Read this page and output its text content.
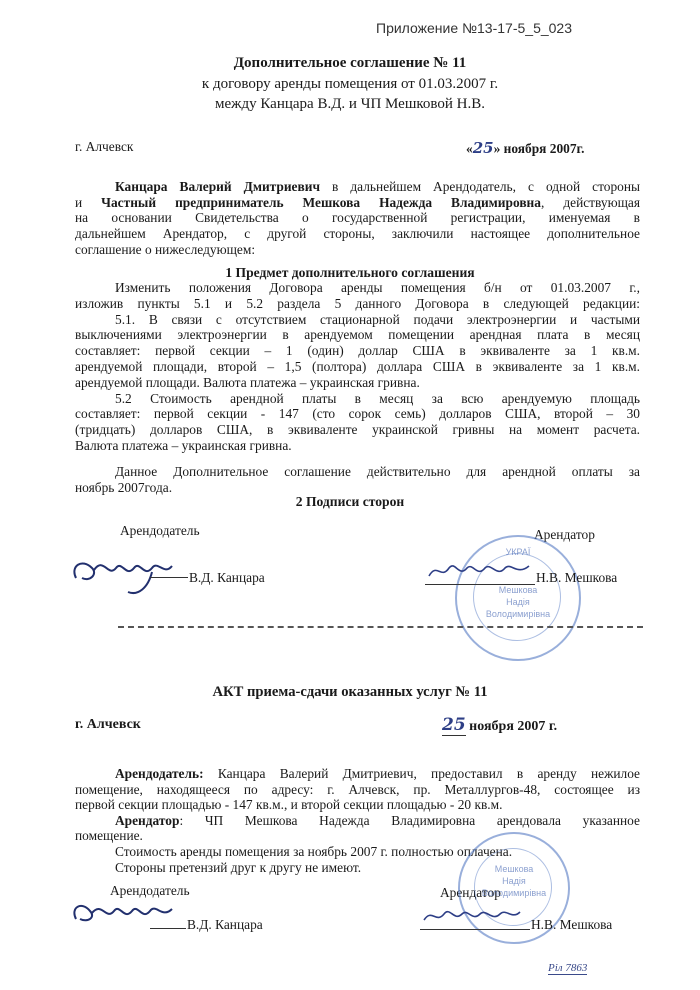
Приложение №13-17-5_5_023
Дополнительное соглашение № 11
к договору аренды помещения от 01.03.2007 г.
между Канцара В.Д. и ЧП Мешковой Н.В.
г. Алчевск	«25» ноября 2007г.
Канцара Валерий Дмитриевич в дальнейшем Арендодатель, с одной стороны
и Частный предприниматель Мешкова Надежда Владимировна, действующая
на основании Свидетельства о государственной регистрации, именуемая в
дальнейшем Арендатор, с другой стороны, заключили настоящее дополнительное
соглашение о нижеследующем:
1 Предмет дополнительного соглашения
Изменить положения Договора аренды помещения б/н от 01.03.2007 г.,
изложив пункты 5.1 и 5.2 раздела 5 данного Договора в следующей редакции:
5.1. В связи с отсутствием стационарной подачи электроэнергии и частыми
выключениями электроэнергии в арендуемом помещении арендная плата в месяц
составляет: первой секции – 1 (один) доллар США в эквиваленте за 1 кв.м.
арендуемой площади, второй – 1,5 (полтора) доллара США в эквиваленте за 1 кв.м.
арендуемой площади. Валюта платежа – украинская гривна.
5.2 Стоимость арендной платы в месяц за всю арендуемую площадь
составляет: первой секции - 147 (сто сорок семь) долларов США, второй – 30
(тридцать) долларов США, в эквиваленте украинской гривны на момент расчета.
Валюта платежа – украинская гривна.
Данное Дополнительное соглашение действительно для арендной оплаты за
ноябрь 2007года.
2 Подписи сторон
Арендодатель	Арендатор
В.Д. Канцара
УКРАЇ
Мешкова
Надія
Володимирівна
Н.В. Мешкова
АКТ приема-сдачи оказанных услуг № 11
г. Алчевск	25 ноября 2007 г.
Арендодатель: Канцара Валерий Дмитриевич, предоставил в аренду нежилое
помещение, находящееся по адресу: г. Алчевск, пр. Металлургов-48, состоящее из
первой секции площадью - 147 кв.м., и второй секции площадью - 20 кв.м.
Арендатор: ЧП Мешкова Надежда Владимировна арендовала указанное
помещение.
Стоимость аренды помещения за ноябрь 2007 г. полностью оплачена.
Стороны претензий друг к другу не имеют.
Арендодатель	Арендатор
В.Д. Канцара
Мешкова
Надія
Володимирівна
Н.В. Мешкова
Pіл 7863
